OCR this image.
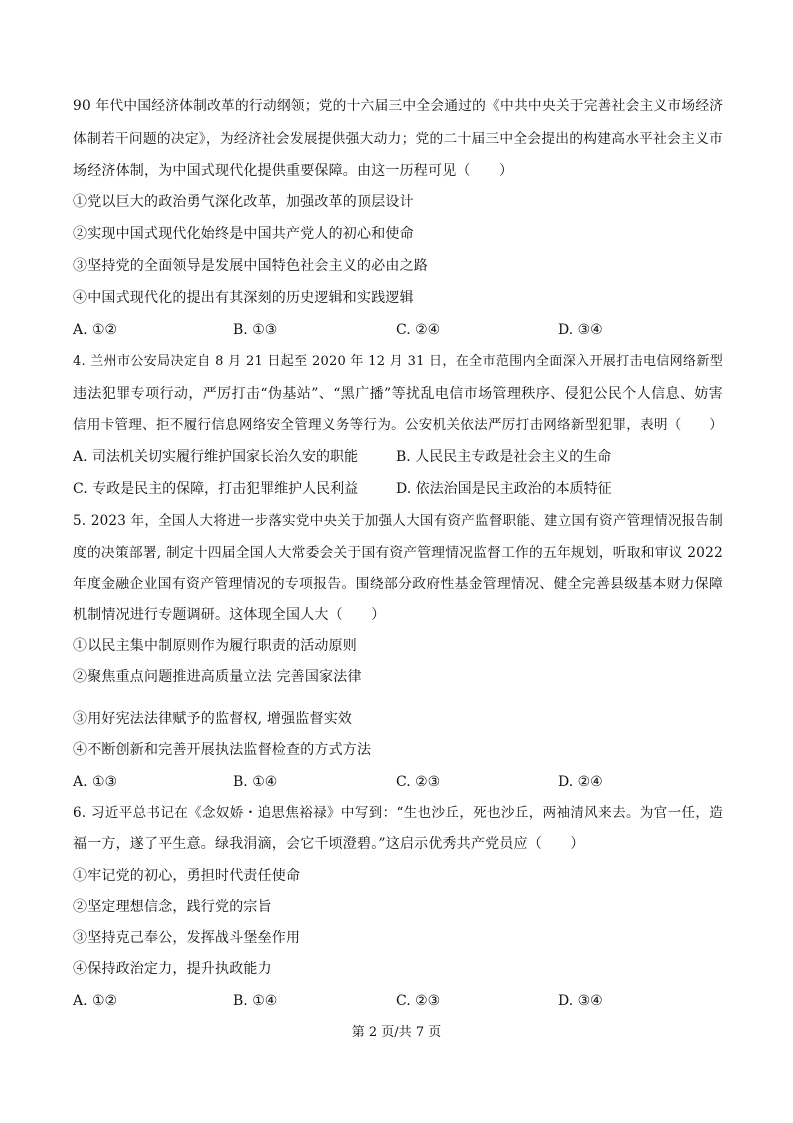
90 年代中国经济体制改革的行动纲领；党的十六届三中全会通过的《中共中央关于完善社会主义市场经济
体制若干问题的决定》，为经济社会发展提供强大动力；党的二十届三中全会提出的构建高水平社会主义市
场经济体制，为中国式现代化提供重要保障。由这一历程可见（　　）
①党以巨大的政治勇气深化改革，加强改革的顶层设计
②实现中国式现代化始终是中国共产党人的初心和使命
③坚持党的全面领导是发展中国特色社会主义的必由之路
④中国式现代化的提出有其深刻的历史逻辑和实践逻辑
A. ①②	B. ①③	C. ②④	D. ③④
4. 兰州市公安局决定自 8 月 21 日起至 2020 年 12 月 31 日，在全市范围内全面深入开展打击电信网络新型
违法犯罪专项行动，严厉打击“伪基站”、“黑广播”等扰乱电信市场管理秩序、侵犯公民个人信息、妨害
信用卡管理、拒不履行信息网络安全管理义务等行为。公安机关依法严厉打击网络新型犯罪，表明（　　）
A. 司法机关切实履行维护国家长治久安的职能	B. 人民民主专政是社会主义的生命
C. 专政是民主的保障，打击犯罪维护人民利益	D. 依法治国是民主政治的本质特征
5. 2023 年，全国人大将进一步落实党中央关于加强人大国有资产监督职能、建立国有资产管理情况报告制
度的决策部署, 制定十四届全国人大常委会关于国有资产管理情况监督工作的五年规划，听取和审议 2022
年度金融企业国有资产管理情况的专项报告。围绕部分政府性基金管理情况、健全完善县级基本财力保障
机制情况进行专题调研。这体现全国人大（　　）
①以民主集中制原则作为履行职责的活动原则
②聚焦重点问题推进高质量立法 完善国家法律
③用好宪法法律赋予的监督权, 增强监督实效
④不断创新和完善开展执法监督检查的方式方法
A. ①③	B. ①④	C. ②③	D. ②④
6. 习近平总书记在《念奴娇・追思焦裕禄》中写到：“生也沙丘，死也沙丘，两袖清风来去。为官一任，造
福一方，遂了平生意。绿我涓滴，会它千顷澄碧。”这启示优秀共产党员应（　　）
①牢记党的初心，勇担时代责任使命
②坚定理想信念，践行党的宗旨
③坚持克己奉公，发挥战斗堡垒作用
④保持政治定力，提升执政能力
A. ①②	B. ①④	C. ②③	D. ③④
第 2 页/共 7 页
